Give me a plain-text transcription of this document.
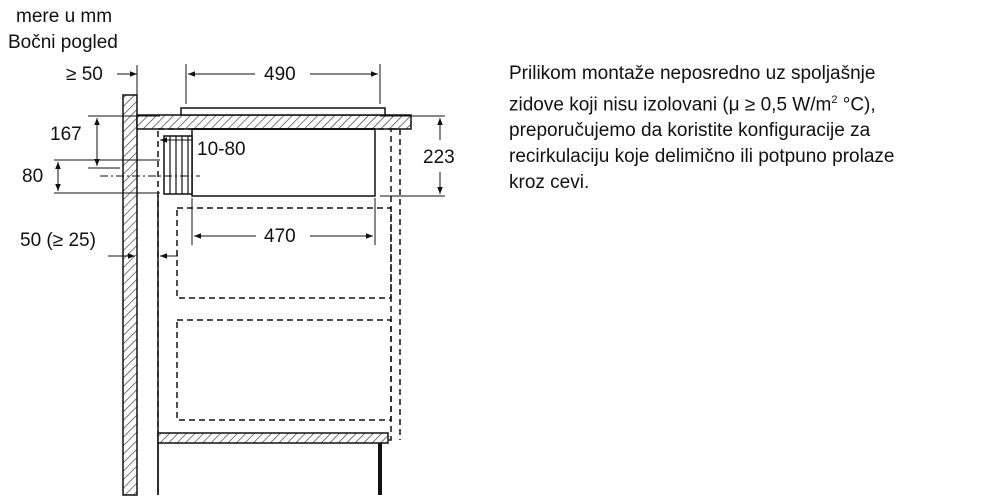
mere u mm
Bočni pogled
≥ 50	490
167
10-80	223
80
470
50 (≥ 25)
Prilikom montaže neposredno uz spoljašnje
zidove koji nisu izolovani (μ ≥ 0,5 $W/m^2$ °C),
preporučujemo da koristite konfiguracije za
recirkulaciju koje delimično ili potpuno prolaze
kroz cevi.
